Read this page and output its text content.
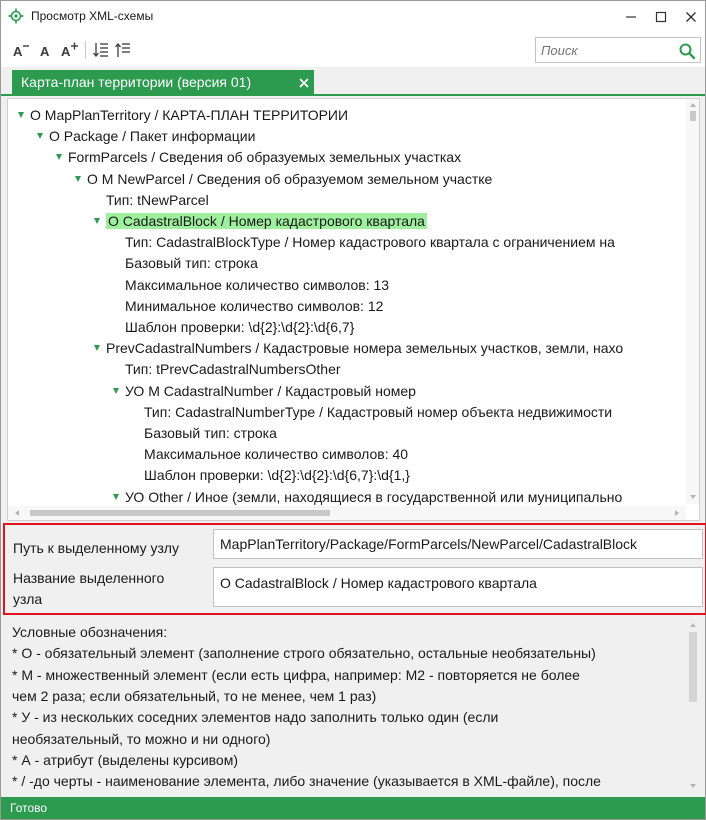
Просмотр XML-схемы
A A A
Поиск
Карта-план территории (версия 01)
О MapPlanTerritory / КАРТА-ПЛАН ТЕРРИТОРИИ
О Package / Пакет информации
FormParcels / Сведения об образуемых земельных участках
О М NewParcel / Сведения об образуемом земельном участке
Тип: tNewParcel
О CadastralBlock / Номер кадастрового квартала
Тип: CadastralBlockType / Номер кадастрового квартала с ограничением на
Базовый тип: строка
Максимальное количество символов: 13
Минимальное количество символов: 12
Шаблон проверки: \d{2}:\d{2}:\d{6,7}
PrevCadastralNumbers / Кадастровые номера земельных участков, земли, нахо
Тип: tPrevCadastralNumbersOther
УО М CadastralNumber / Кадастровый номер
Тип: CadastralNumberType / Кадастровый номер объекта недвижимости
Базовый тип: строка
Максимальное количество символов: 40
Шаблон проверки: \d{2}:\d{2}:\d{6,7}:\d{1,}
УО Other / Иное (земли, находящиеся в государственной или муниципально
Путь к выделенному узлу	MapPlanTerritory/Package/FormParcels/NewParcel/CadastralBlock
Название выделенного
узла
О CadastralBlock / Номер кадастрового квартала
Условные обозначения:
* О - обязательный элемент (заполнение строго обязательно, остальные необязательны)
* М - множественный элемент (если есть цифра, например: М2 - повторяется не более
чем 2 раза; если обязательный, то не менее, чем 1 раз)
* У - из нескольких соседних элементов надо заполнить только один (если
необязательный, то можно и ни одного)
* А - атрибут (выделены курсивом)
* / -до черты - наименование элемента, либо значение (указывается в XML-файле), после
Готово
